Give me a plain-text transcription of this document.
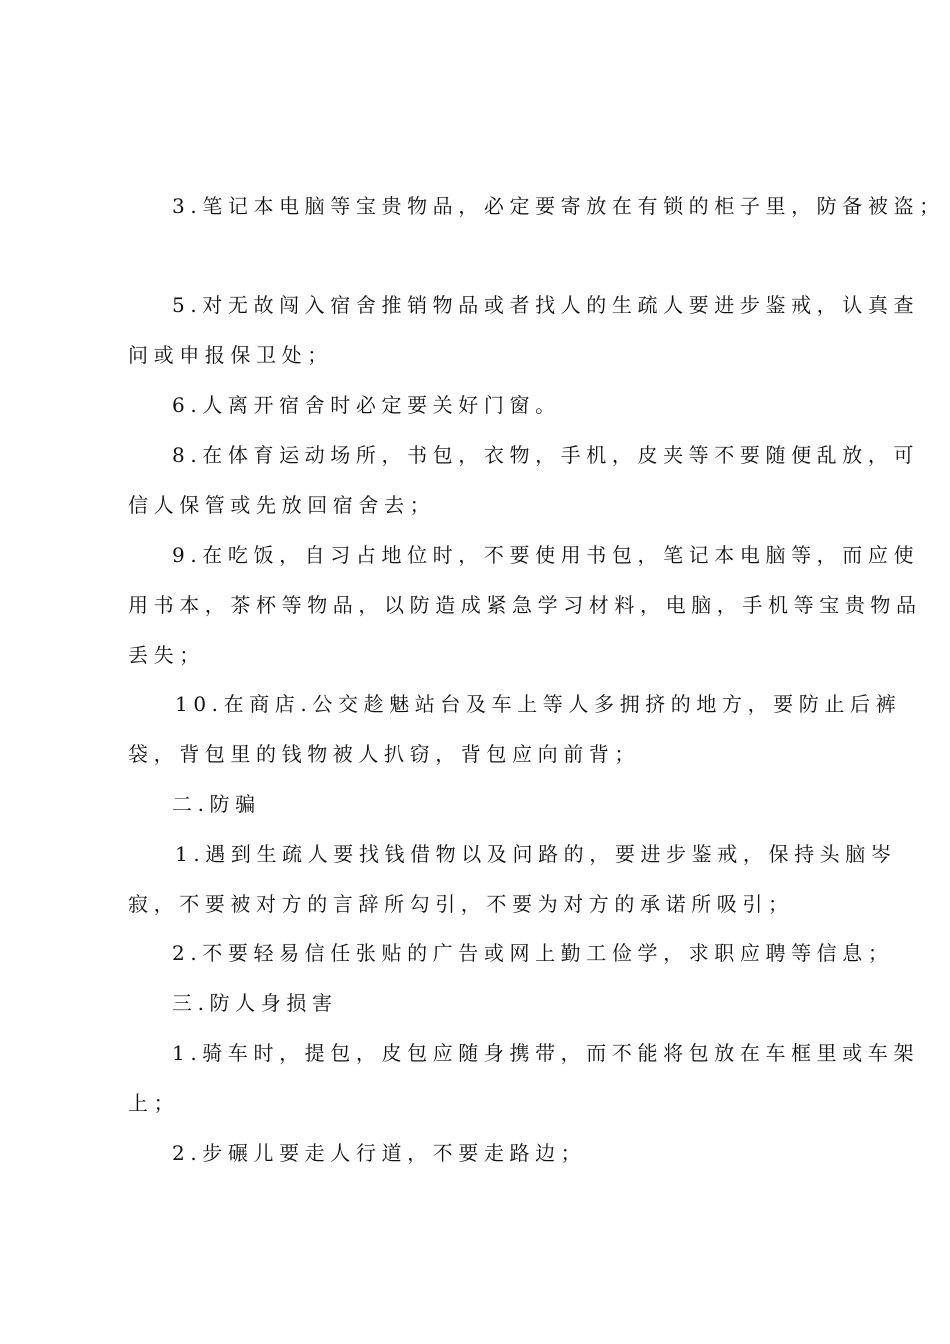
3.笔记本电脑等宝贵物品，必定要寄放在有锁的柜子里，防备被盗；
5.对无故闯入宿舍推销物品或者找人的生疏人要进步鉴戒，认真查
问或申报保卫处；
6.人离开宿舍时必定要关好门窗。
8.在体育运动场所，书包，衣物，手机，皮夹等不要随便乱放，可
信人保管或先放回宿舍去；
9.在吃饭，自习占地位时，不要使用书包，笔记本电脑等，而应使
用书本，茶杯等物品，以防造成紧急学习材料，电脑，手机等宝贵物品
丢失；
10.在商店.公交趁魅站台及车上等人多拥挤的地方，要防止后裤
袋，背包里的钱物被人扒窃，背包应向前背；
二.防骗
1.遇到生疏人要找钱借物以及问路的，要进步鉴戒，保持头脑岑
寂，不要被对方的言辞所勾引，不要为对方的承诺所吸引；
2.不要轻易信任张贴的广告或网上勤工俭学，求职应聘等信息；
三.防人身损害
1.骑车时，提包，皮包应随身携带，而不能将包放在车框里或车架
上；
2.步碾儿要走人行道，不要走路边；
